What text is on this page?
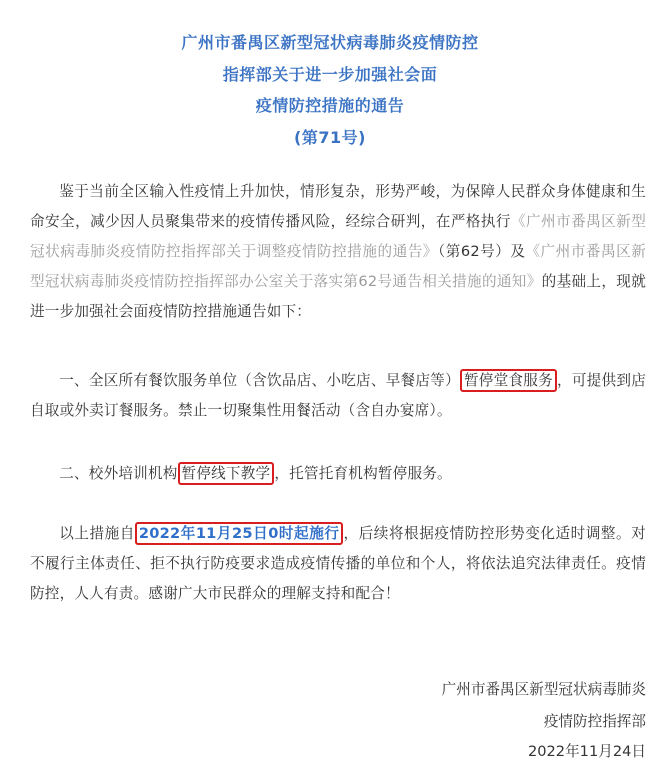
广州市番禺区新型冠状病毒肺炎疫情防控
指挥部关于进一步加强社会面
疫情防控措施的通告
(第71号)
鉴于当前全区输入性疫情上升加快，情形复杂，形势严峻，为保障人民群众身体健康和生命安全，减少因人员聚集带来的疫情传播风险，经综合研判，在严格执行《广州市番禺区新型冠状病毒肺炎疫情防控指挥部关于调整疫情防控措施的通告》（第62号）及《广州市番禺区新型冠状病毒肺炎疫情防控指挥部办公室关于落实第62号通告相关措施的通知》的基础上，现就进一步加强社会面疫情防控措施通告如下：
一、全区所有餐饮服务单位（含饮品店、小吃店、早餐店等） 暂停堂食服务 ，可提供到店自取或外卖订餐服务。禁止一切聚集性用餐活动（含自办宴席）。
二、校外培训机构 暂停线下教学 ，托管托育机构暂停服务。
以上措施自 2022年11月25日0时起施行 ，后续将根据疫情防控形势变化适时调整。对不履行主体责任、拒不执行防疫要求造成疫情传播的单位和个人，将依法追究法律责任。疫情防控，人人有责。感谢广大市民群众的理解支持和配合！
广州市番禺区新型冠状病毒肺炎
疫情防控指挥部
2022年11月24日
